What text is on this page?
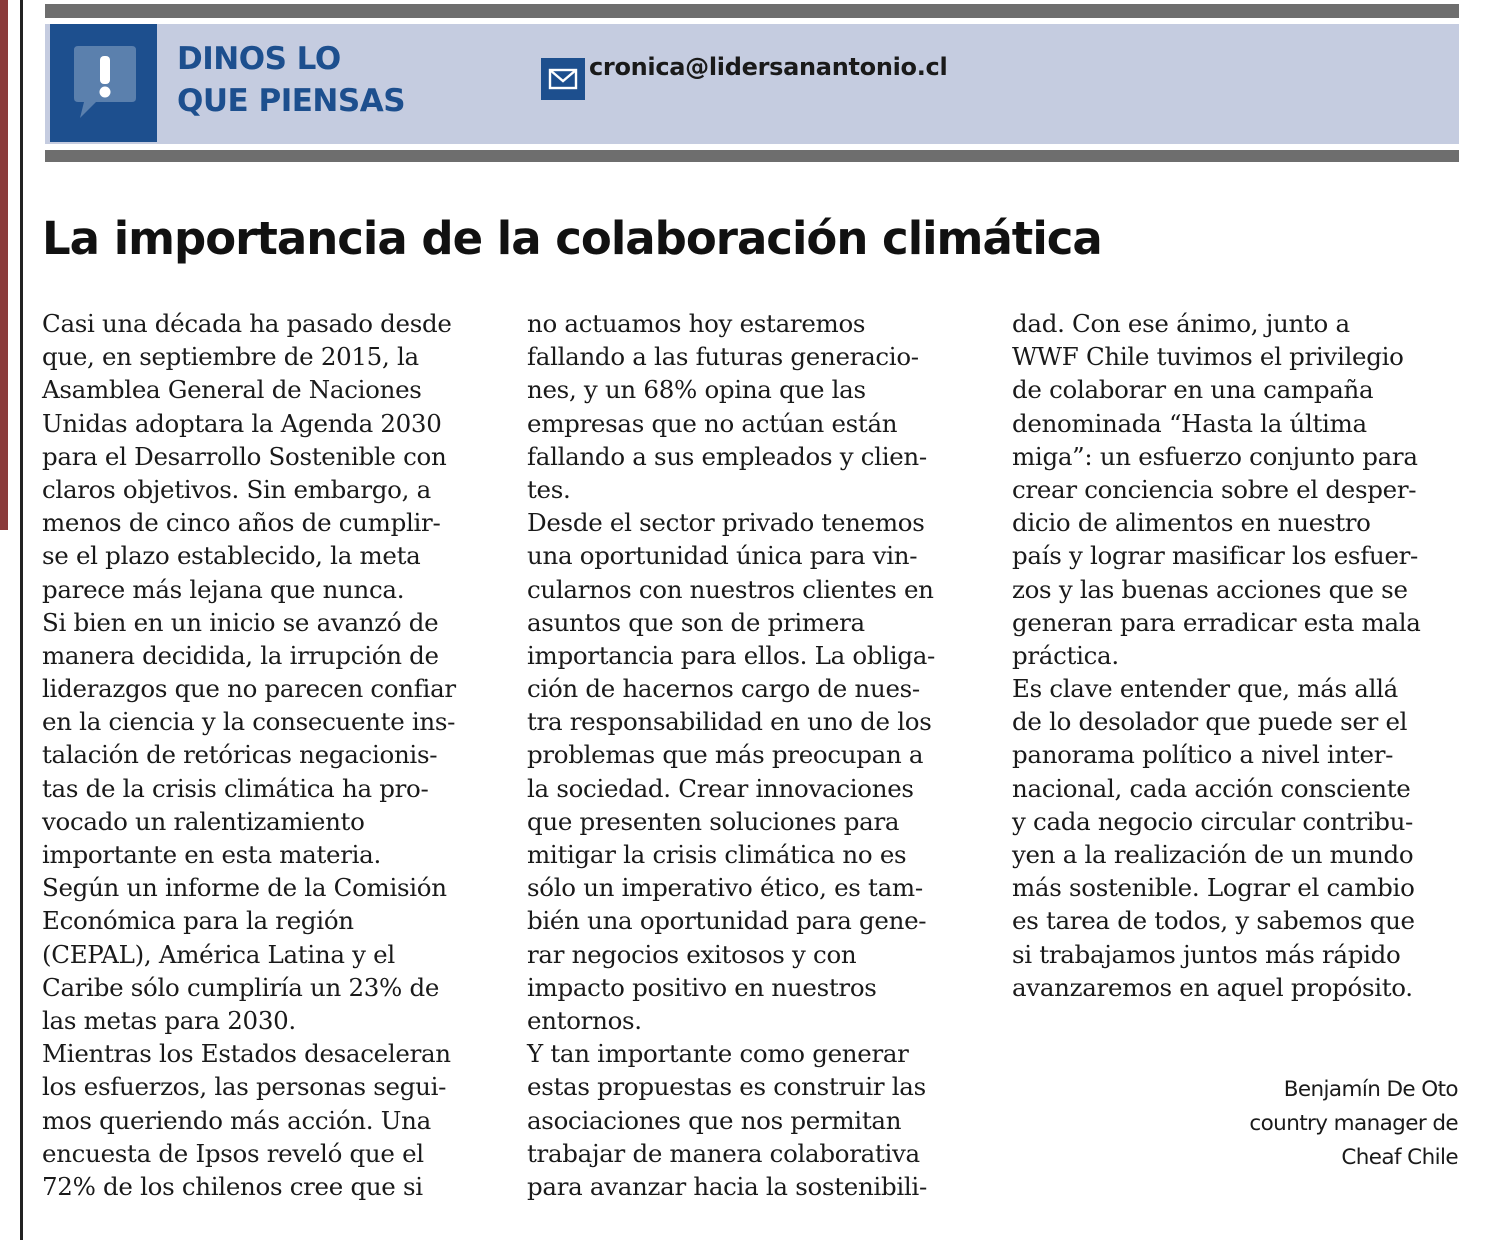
DINOS LO
QUE PIENSAS
cronica@lidersanantonio.cl
La importancia de la colaboración climática
Casi una década ha pasado desde
que, en septiembre de 2015, la
Asamblea General de Naciones
Unidas adoptara la Agenda 2030
para el Desarrollo Sostenible con
claros objetivos. Sin embargo, a
menos de cinco años de cumplir-
se el plazo establecido, la meta
parece más lejana que nunca.
Si bien en un inicio se avanzó de
manera decidida, la irrupción de
liderazgos que no parecen confiar
en la ciencia y la consecuente ins-
talación de retóricas negacionis-
tas de la crisis climática ha pro-
vocado un ralentizamiento
importante en esta materia.
Según un informe de la Comisión
Económica para la región
(CEPAL), América Latina y el
Caribe sólo cumpliría un 23% de
las metas para 2030.
Mientras los Estados desaceleran
los esfuerzos, las personas segui-
mos queriendo más acción. Una
encuesta de Ipsos reveló que el
72% de los chilenos cree que si
no actuamos hoy estaremos
fallando a las futuras generacio-
nes, y un 68% opina que las
empresas que no actúan están
fallando a sus empleados y clien-
tes.
Desde el sector privado tenemos
una oportunidad única para vin-
cularnos con nuestros clientes en
asuntos que son de primera
importancia para ellos. La obliga-
ción de hacernos cargo de nues-
tra responsabilidad en uno de los
problemas que más preocupan a
la sociedad. Crear innovaciones
que presenten soluciones para
mitigar la crisis climática no es
sólo un imperativo ético, es tam-
bién una oportunidad para gene-
rar negocios exitosos y con
impacto positivo en nuestros
entornos.
Y tan importante como generar
estas propuestas es construir las
asociaciones que nos permitan
trabajar de manera colaborativa
para avanzar hacia la sostenibili-
dad. Con ese ánimo, junto a
WWF Chile tuvimos el privilegio
de colaborar en una campaña
denominada “Hasta la última
miga”: un esfuerzo conjunto para
crear conciencia sobre el desper-
dicio de alimentos en nuestro
país y lograr masificar los esfuer-
zos y las buenas acciones que se
generan para erradicar esta mala
práctica.
Es clave entender que, más allá
de lo desolador que puede ser el
panorama político a nivel inter-
nacional, cada acción consciente
y cada negocio circular contribu-
yen a la realización de un mundo
más sostenible. Lograr el cambio
es tarea de todos, y sabemos que
si trabajamos juntos más rápido
avanzaremos en aquel propósito.
Benjamín De Oto
country manager de
Cheaf Chile
